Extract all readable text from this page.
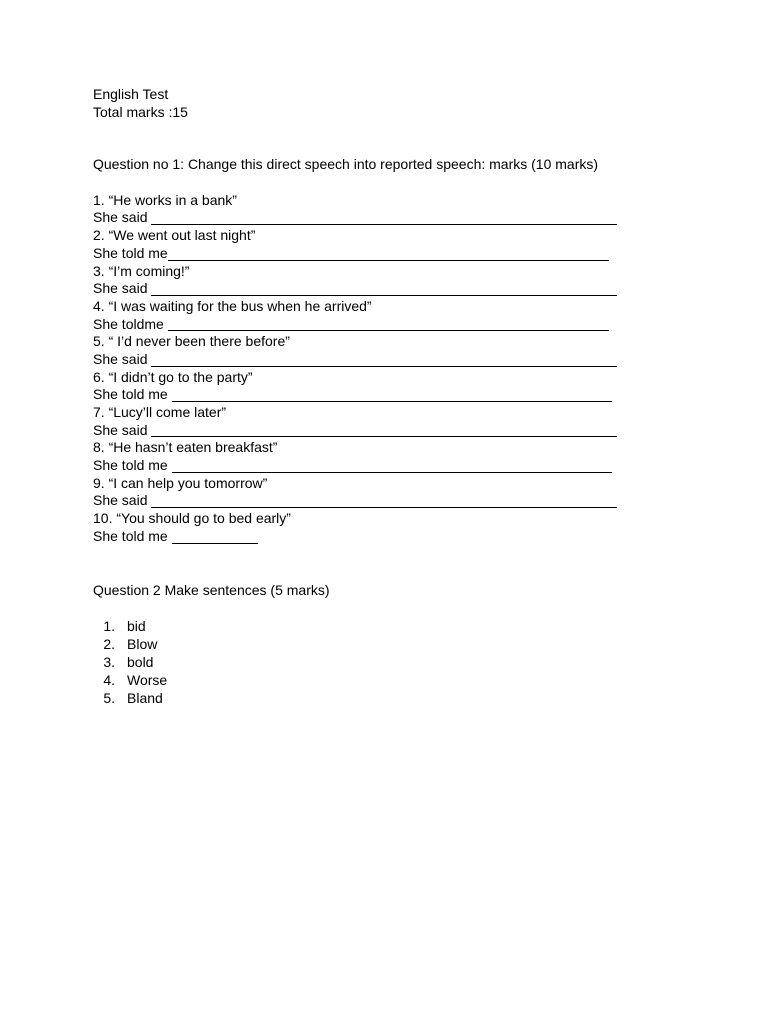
English Test
Total marks :15
Question no 1: Change this direct speech into reported speech: marks (10 marks)
1. “He works in a bank”
She said
2. “We went out last night”
She told me
3. “I’m coming!”
She said
4. “I was waiting for the bus when he arrived”
She toldme
5. “ I’d never been there before”
She said
6. “I didn’t go to the party”
She told me
7. “Lucy’ll come later”
She said
8. “He hasn’t eaten breakfast”
She told me
9. “I can help you tomorrow”
She said
10. “You should go to bed early”
She told me
Question 2 Make sentences (5 marks)
1. bid
2. Blow
3. bold
4. Worse
5. Bland
